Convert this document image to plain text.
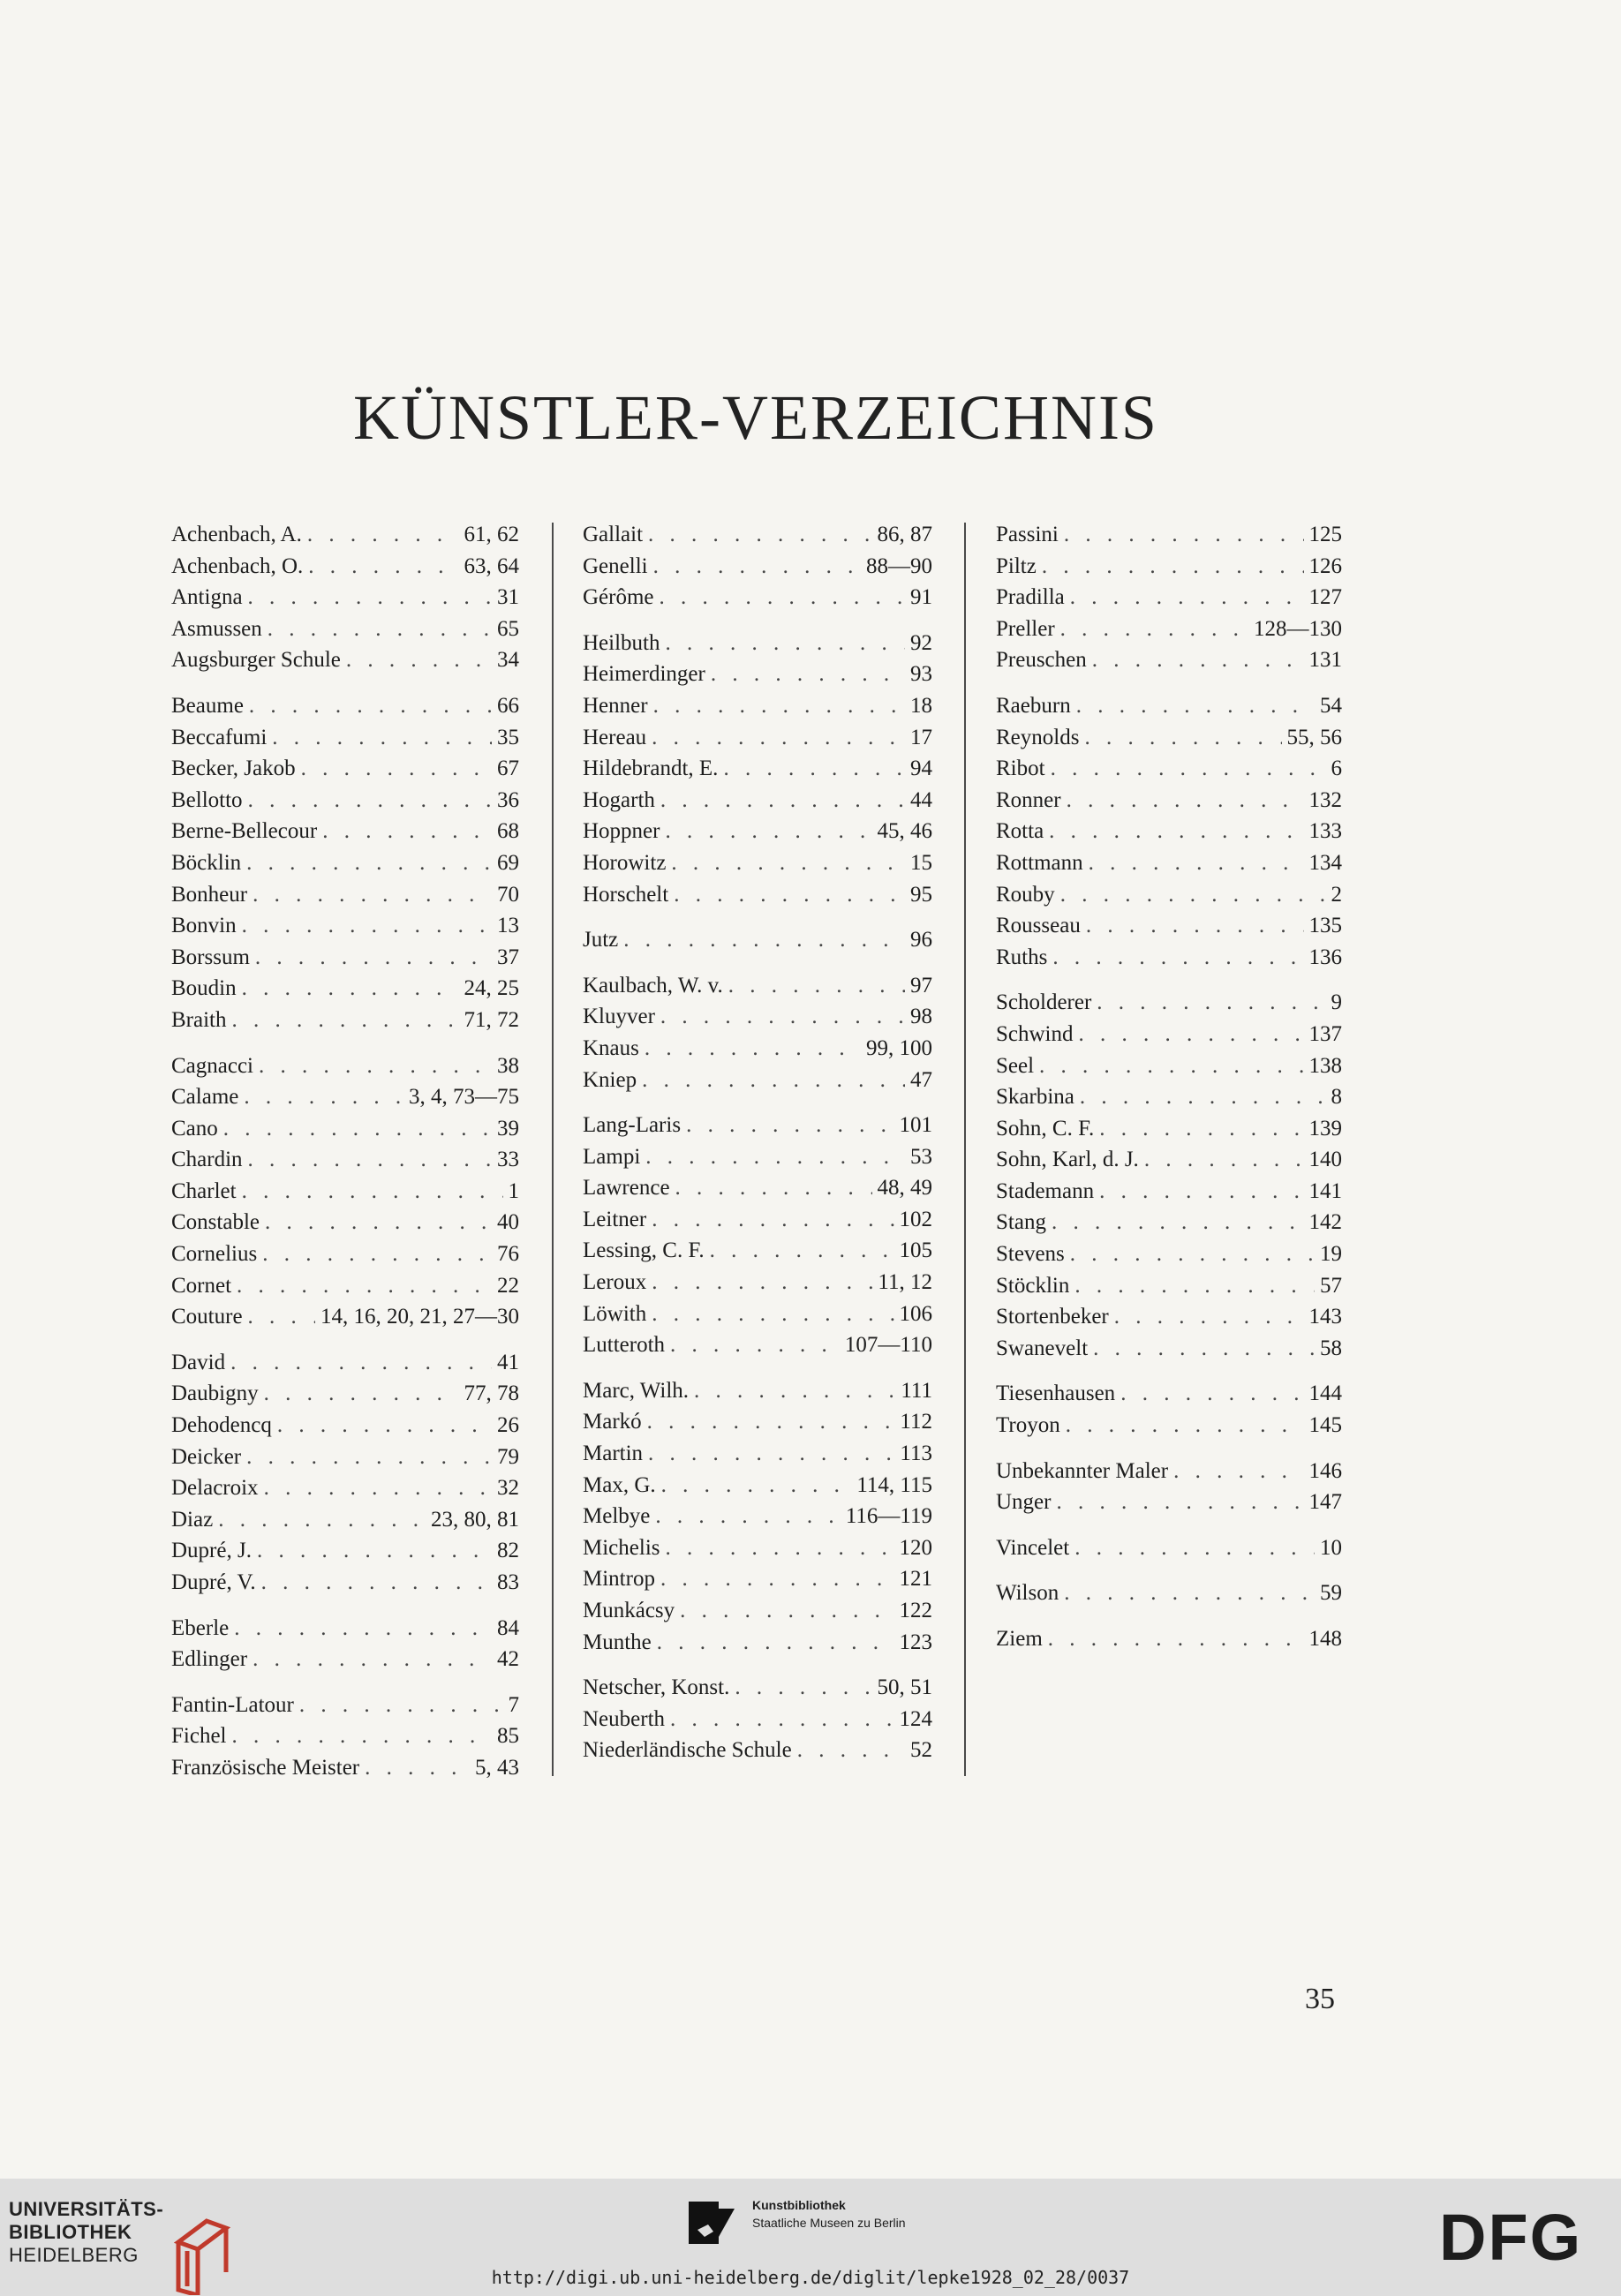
KÜNSTLER-VERZEICHNIS
Achenbach, A. . . .	61, 62
Achenbach, O. . . .	63, 64
Antigna . . .	31
Asmussen . . .	65
Augsburger Schule . . .	34
Beaume . . .	66
Beccafumi . . .	35
Becker, Jakob . . .	67
Bellotto . . .	36
Berne-Bellecour . . .	68
Böcklin . . .	69
Bonheur . . .	70
Bonvin . . .	13
Borssum . . .	37
Boudin . . .	24, 25
Braith . . .	71, 72
Cagnacci . . .	38
Calame . . .	3, 4, 73—75
Cano . . .	39
Chardin . . .	33
Charlet . . .	1
Constable . . .	40
Cornelius . . .	76
Cornet . . .	22
Couture . . .	14, 16, 20, 21, 27—30
David . . .	41
Daubigny . . .	77, 78
Dehodencq . . .	26
Deicker . . .	79
Delacroix . . .	32
Diaz . . .	23, 80, 81
Dupré, J. . . .	82
Dupré, V. . . .	83
Eberle . . .	84
Edlinger . . .	42
Fantin-Latour . . .	7
Fichel . . .	85
Französische Meister . . .	5, 43
Gallait . . .	86, 87
Genelli . . .	88—90
Gérôme . . .	91
Heilbuth . . .	92
Heimerdinger . . .	93
Henner . . .	18
Hereau . . .	17
Hildebrandt, E. . . .	94
Hogarth . . .	44
Hoppner . . .	45, 46
Horowitz . . .	15
Horschelt . . .	95
Jutz . . .	96
Kaulbach, W. v. . . .	97
Kluyver . . .	98
Knaus . . .	99, 100
Kniep . . .	47
Lang-Laris . . .	101
Lampi . . .	53
Lawrence . . .	48, 49
Leitner . . .	102
Lessing, C. F. . . .	105
Leroux . . .	11, 12
Löwith . . .	106
Lutteroth . . .	107—110
Marc, Wilh. . . .	111
Markó . . .	112
Martin . . .	113
Max, G. . . .	114, 115
Melbye . . .	116—119
Michelis . . .	120
Mintrop . . .	121
Munkácsy . . .	122
Munthe . . .	123
Netscher, Konst. . . .	50, 51
Neuberth . . .	124
Niederländische Schule . . .	52
Passini . . .	125
Piltz . . .	126
Pradilla . . .	127
Preller . . .	128—130
Preuschen . . .	131
Raeburn . . .	54
Reynolds . . .	55, 56
Ribot . . .	6
Ronner . . .	132
Rotta . . .	133
Rottmann . . .	134
Rouby . . .	2
Rousseau . . .	135
Ruths . . .	136
Scholderer . . .	9
Schwind . . .	137
Seel . . .	138
Skarbina . . .	8
Sohn, C. F. . . .	139
Sohn, Karl, d. J. . . .	140
Stademann . . .	141
Stang . . .	142
Stevens . . .	19
Stöcklin . . .	57
Stortenbeker . . .	143
Swanevelt . . .	58
Tiesenhausen . . .	144
Troyon . . .	145
Unbekannter Maler . . .	146
Unger . . .	147
Vincelet . . .	10
Wilson . . .	59
Ziem . . .	148
35
UNIVERSITÄTS-
BIBLIOTHEK
HEIDELBERG
Kunstbibliothek
Staatliche Museen zu Berlin	DFG
http://digi.ub.uni-heidelberg.de/diglit/lepke1928_02_28/0037
